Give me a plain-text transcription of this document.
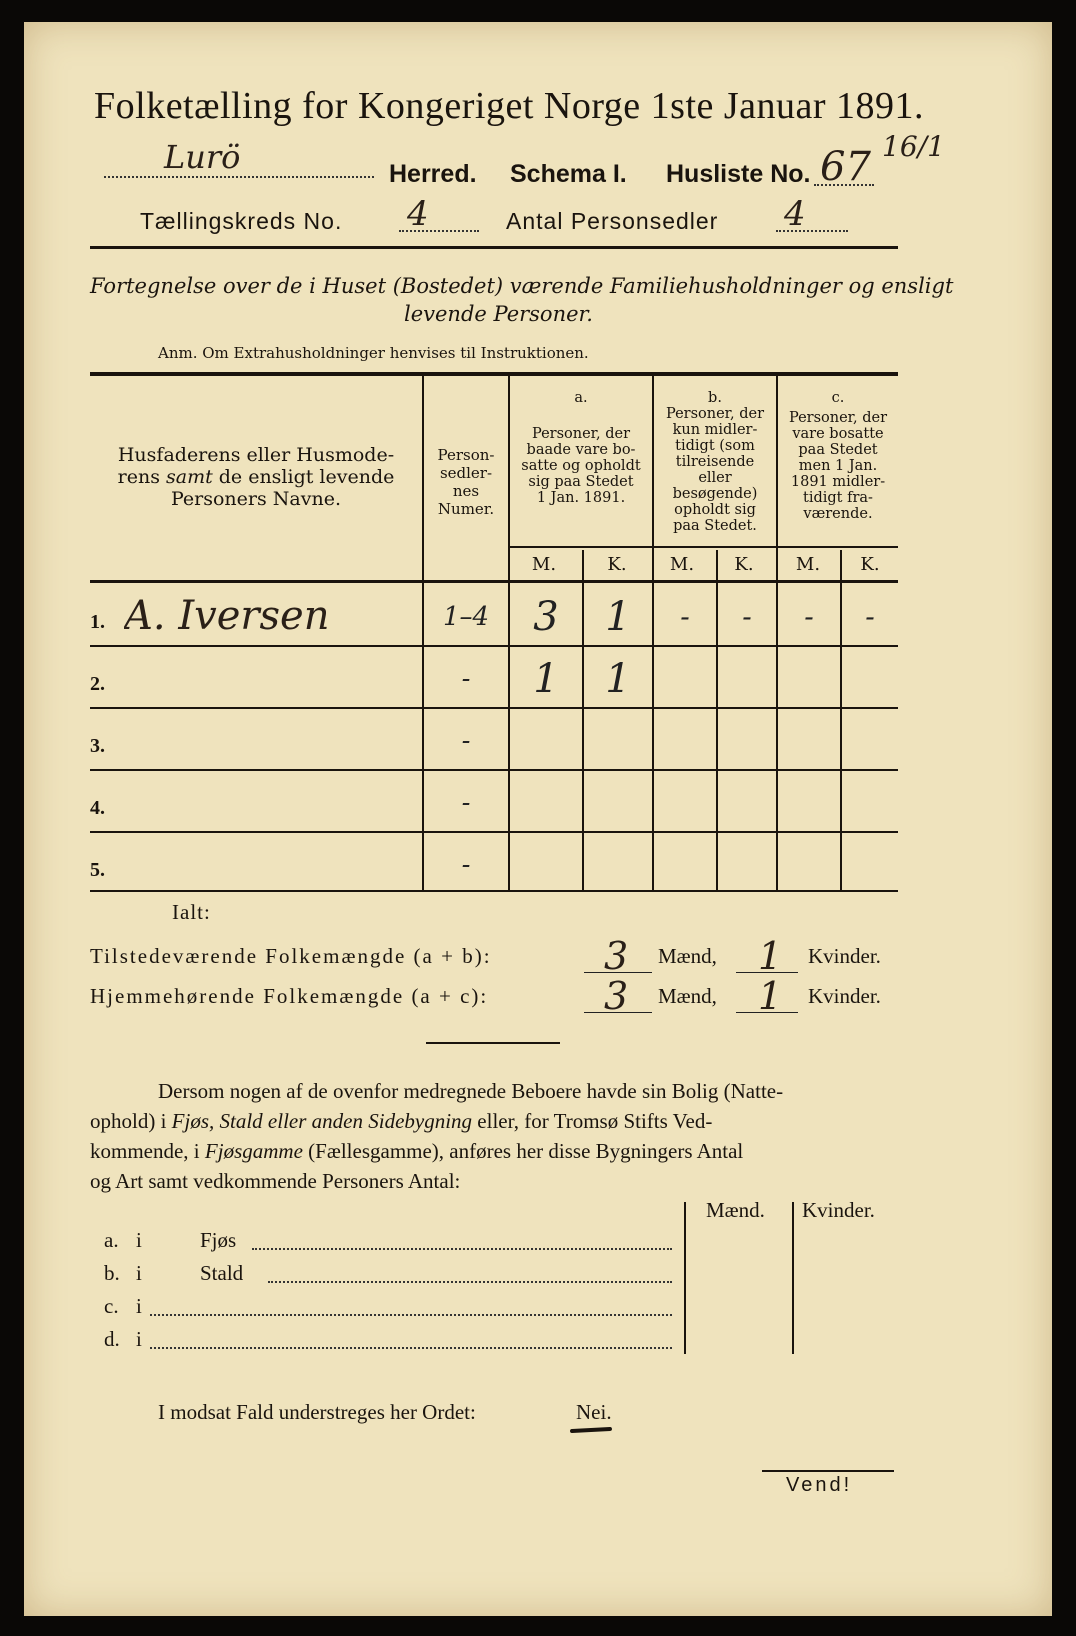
Folketælling for Kongeriget Norge 1ste Januar 1891.
Lurö	Herred. Schema I. Husliste No. 67 16/1
Tællingskreds No. 4	Antal Personsedler 4
Fortegnelse over de i Huset (Bostedet) værende Familiehusholdninger og ensligt
levende Personer.
Anm. Om Extrahusholdninger henvises til Instruktionen.
Husfaderens eller Husmode-
rens samt de ensligt levende
Personers Navne.
Person-
sedler-
nes
Numer.
a.
Personer, der
baade vare bo-
satte og opholdt
sig paa Stedet
1 Jan. 1891.
b.
Personer, der
kun midler-
tidigt (som
tilreisende
eller
besøgende)
opholdt sig
paa Stedet.
c.
Personer, der
vare bosatte
paa Stedet
men 1 Jan.
1891 midler-
tidigt fra-
værende.
M.	K.	M.	K.	M.	K.
1. A. Iversen	1–4	3	1	-	-	-	-
2.	-	1	1
3.	-
4.	-
5.	-
Ialt:
Tilstedeværende Folkemængde (a + b):	3 Mænd, 1 Kvinder.
Hjemmehørende Folkemængde (a + c):	3 Mænd, 1 Kvinder.
Dersom nogen af de ovenfor medregnede Beboere havde sin Bolig (Natte-
ophold) i Fjøs, Stald eller anden Sidebygning eller, for Tromsø Stifts Ved-
kommende, i Fjøsgamme (Fællesgamme), anføres her disse Bygningers Antal
og Art samt vedkommende Personers Antal:
Mænd. Kvinder.
a. i	Fjøs
b. i	Stald
c. i
d. i
I modsat Fald understreges her Ordet:	Nei.
Vend!
